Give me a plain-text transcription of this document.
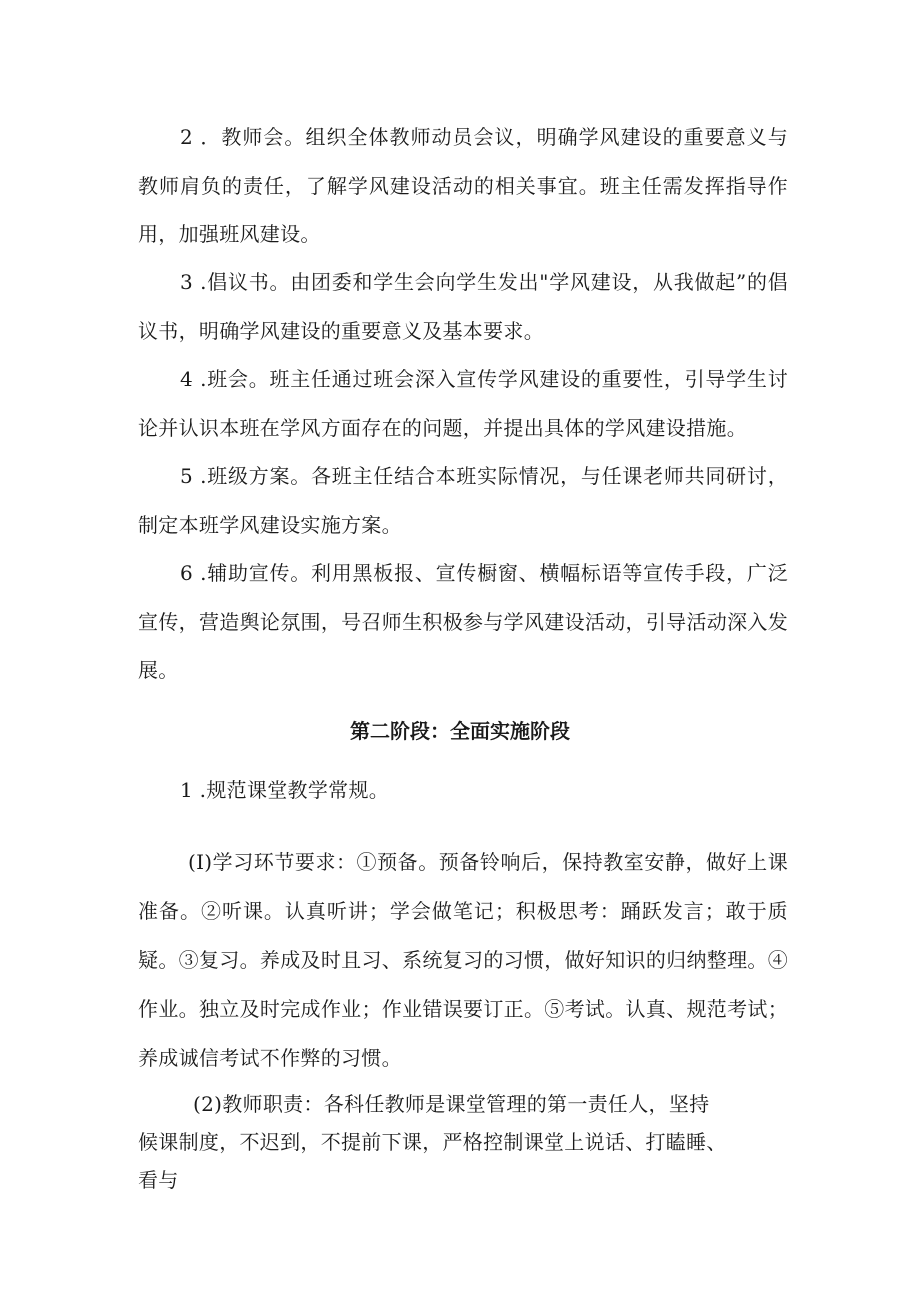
2 ．教师会。组织全体教师动员会议，明确学风建设的重要意义与教师肩负的责任，了解学风建设活动的相关事宜。班主任需发挥指导作用，加强班风建设。

3 .倡议书。由团委和学生会向学生发出"学风建设，从我做起”的倡议书，明确学风建设的重要意义及基本要求。

4 .班会。班主任通过班会深入宣传学风建设的重要性，引导学生讨论并认识本班在学风方面存在的问题，并提出具体的学风建设措施。

5 .班级方案。各班主任结合本班实际情况，与任课老师共同研讨，制定本班学风建设实施方案。

6 .辅助宣传。利用黑板报、宣传橱窗、横幅标语等宣传手段，广泛宣传，营造舆论氛围，号召师生积极参与学风建设活动，引导活动深入发展。

第二阶段：全面实施阶段

1 .规范课堂教学常规。

(I)学习环节要求：①预备。预备铃响后，保持教室安静，做好上课准备。②听课。认真听讲；学会做笔记；积极思考：踊跃发言；敢于质疑。③复习。养成及时且习、系统复习的习惯，做好知识的归纳整理。④作业。独立及时完成作业；作业错误要订正。⑤考试。认真、规范考试；养成诚信考试不作弊的习惯。

(2)教师职责：各科任教师是课堂管理的第一责任人，坚持候课制度，不迟到，不提前下课，严格控制课堂上说话、打瞌睡、看与
